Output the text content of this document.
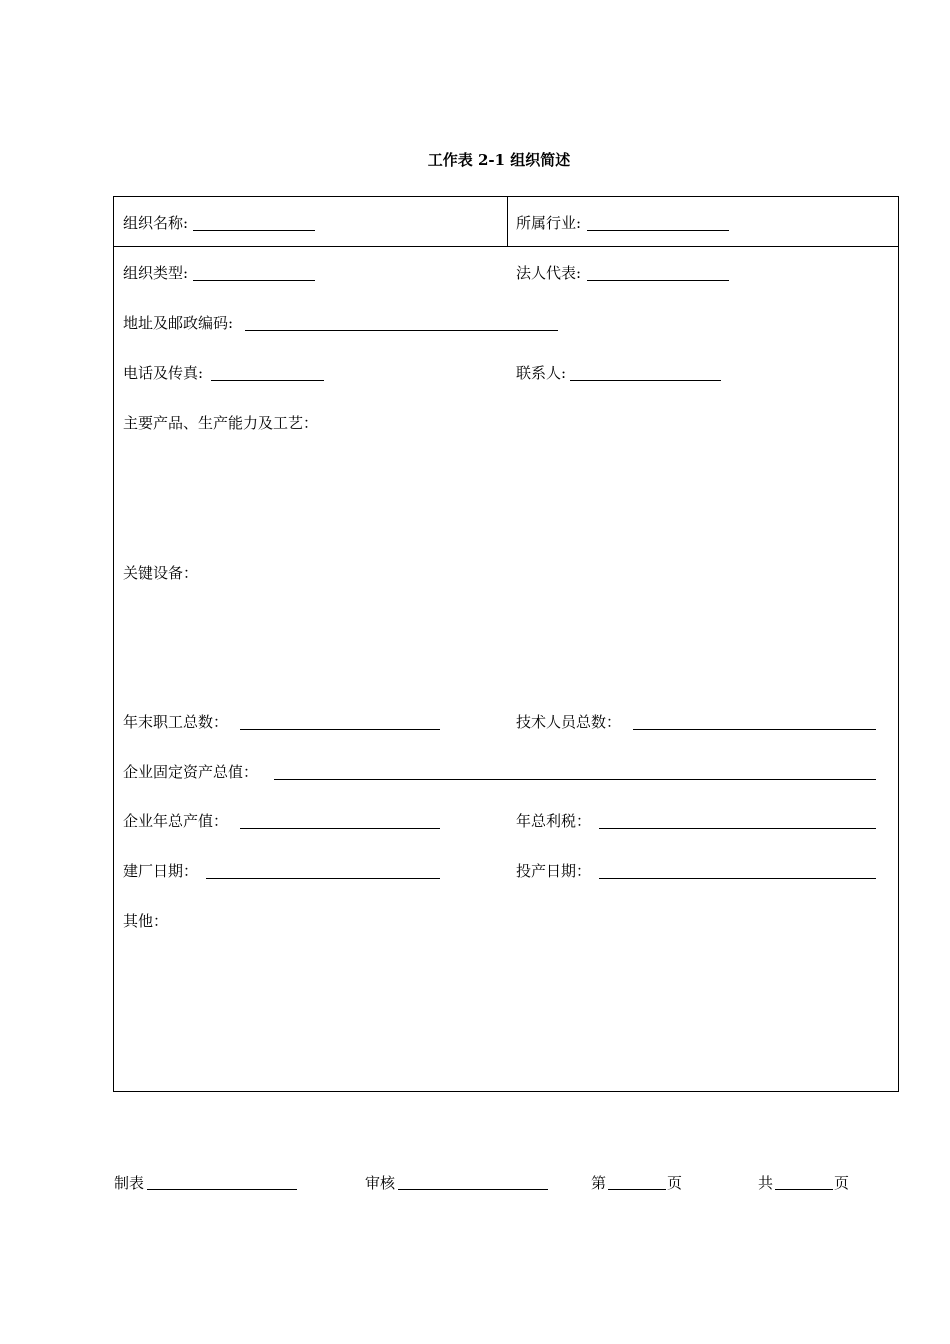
工作表 2-1 组织简述
组织名称:	所属行业:
组织类型:	法人代表:
地址及邮政编码:
电话及传真:	联系人:
主要产品、生产能力及工艺：
关键设备：
年末职工总数：	技术人员总数：
企业固定资产总值：
企业年总产值：	年总利税：
建厂日期：	投产日期：
其他：
制表	审核	第	页	共	页
